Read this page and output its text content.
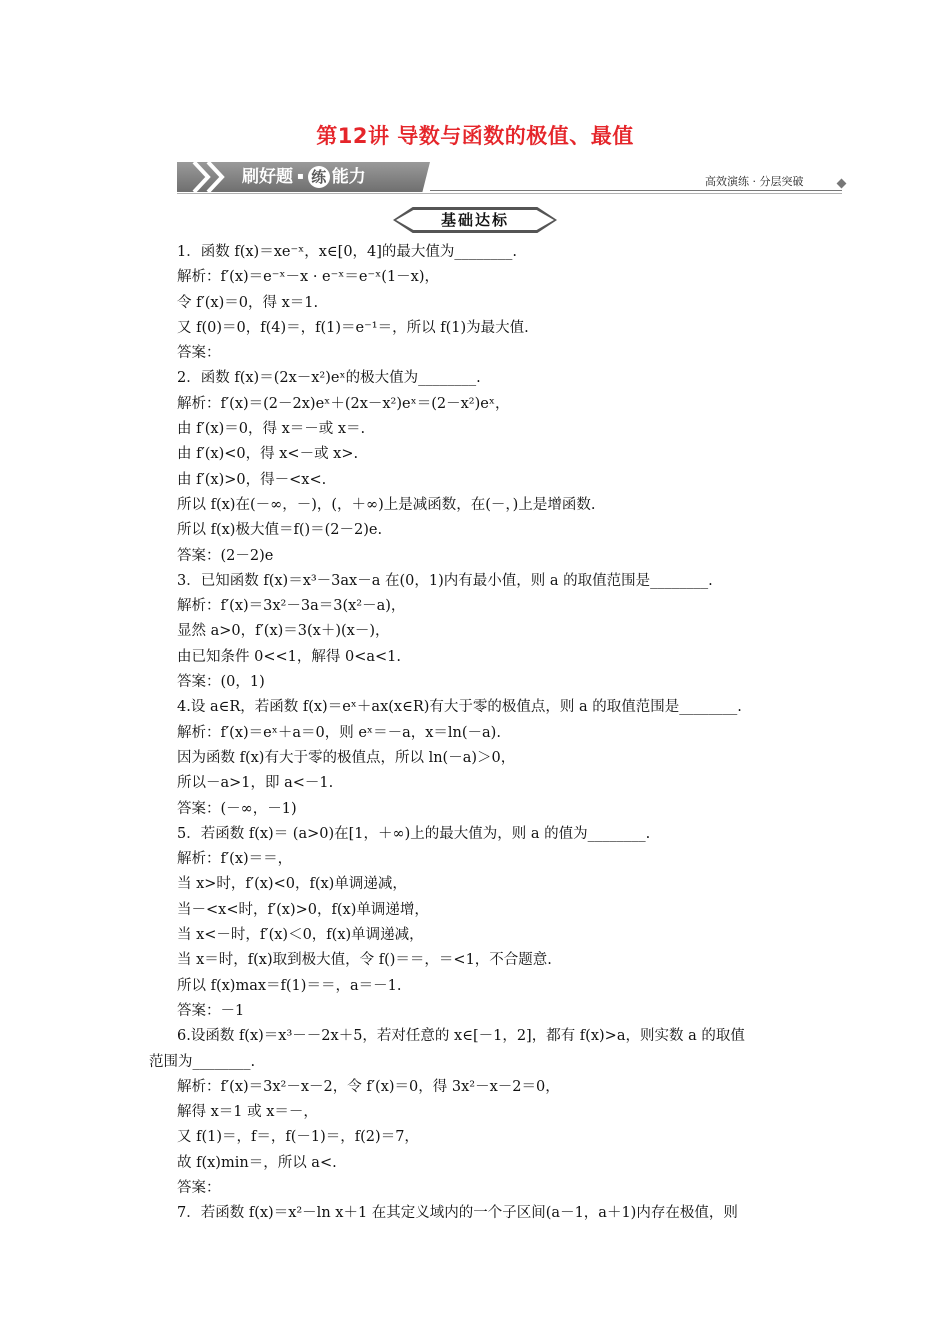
第12讲 导数与函数的极值、最值
刷好题 ▪ 练 能力	高效演练 · 分层突破
基础达标
1．函数 f(x)＝xe⁻ˣ，x∈[0，4]的最大值为________.
解析：f′(x)＝e⁻ˣ－x · e⁻ˣ＝e⁻ˣ(1－x)，
令 f′(x)＝0，得 x＝1.
又 f(0)＝0，f(4)＝，f(1)＝e⁻¹＝，所以 f(1)为最大值.
答案：
2．函数 f(x)＝(2x－x²)eˣ的极大值为________.
解析：f′(x)＝(2－2x)eˣ＋(2x－x²)eˣ＝(2－x²)eˣ，
由 f′(x)＝0，得 x＝－或 x＝.
由 f′(x)<0，得 x<－或 x>.
由 f′(x)>0，得－<x<.
所以 f(x)在(－∞，－)，(，＋∞)上是减函数，在(－，)上是增函数.
所以 f(x)极大值＝f()＝(2－2)e.
答案：(2－2)e
3．已知函数 f(x)＝x³－3ax－a 在(0，1)内有最小值，则 a 的取值范围是________.
解析：f′(x)＝3x²－3a＝3(x²－a)，
显然 a>0，f′(x)＝3(x＋)(x－)，
由已知条件 0<<1，解得 0<a<1.
答案：(0，1)
4.设 a∈R，若函数 f(x)＝eˣ＋ax(x∈R)有大于零的极值点，则 a 的取值范围是________.
解析：f′(x)＝eˣ＋a＝0，则 eˣ＝－a，x＝ln(－a).
因为函数 f(x)有大于零的极值点，所以 ln(－a)＞0，
所以－a>1，即 a<－1.
答案：(－∞，－1)
5．若函数 f(x)＝ (a>0)在[1，＋∞)上的最大值为，则 a 的值为________.
解析：f′(x)＝＝，
当 x>时，f′(x)<0，f(x)单调递减，
当－<x<时，f′(x)>0，f(x)单调递增，
当 x<－时，f′(x)＜0，f(x)单调递减，
当 x＝时，f(x)取到极大值，令 f()＝＝，＝<1，不合题意.
所以 f(x)max＝f(1)＝＝，a＝－1.
答案：－1
6.设函数 f(x)＝x³－－2x＋5，若对任意的 x∈[－1，2]，都有 f(x)>a，则实数 a 的取值
范围为________.
解析：f′(x)＝3x²－x－2，令 f′(x)＝0，得 3x²－x－2＝0，
解得 x＝1 或 x＝－，
又 f(1)＝，f＝，f(－1)＝，f(2)＝7，
故 f(x)min＝，所以 a<.
答案：
7．若函数 f(x)＝x²－ln x＋1 在其定义域内的一个子区间(a－1，a＋1)内存在极值，则
